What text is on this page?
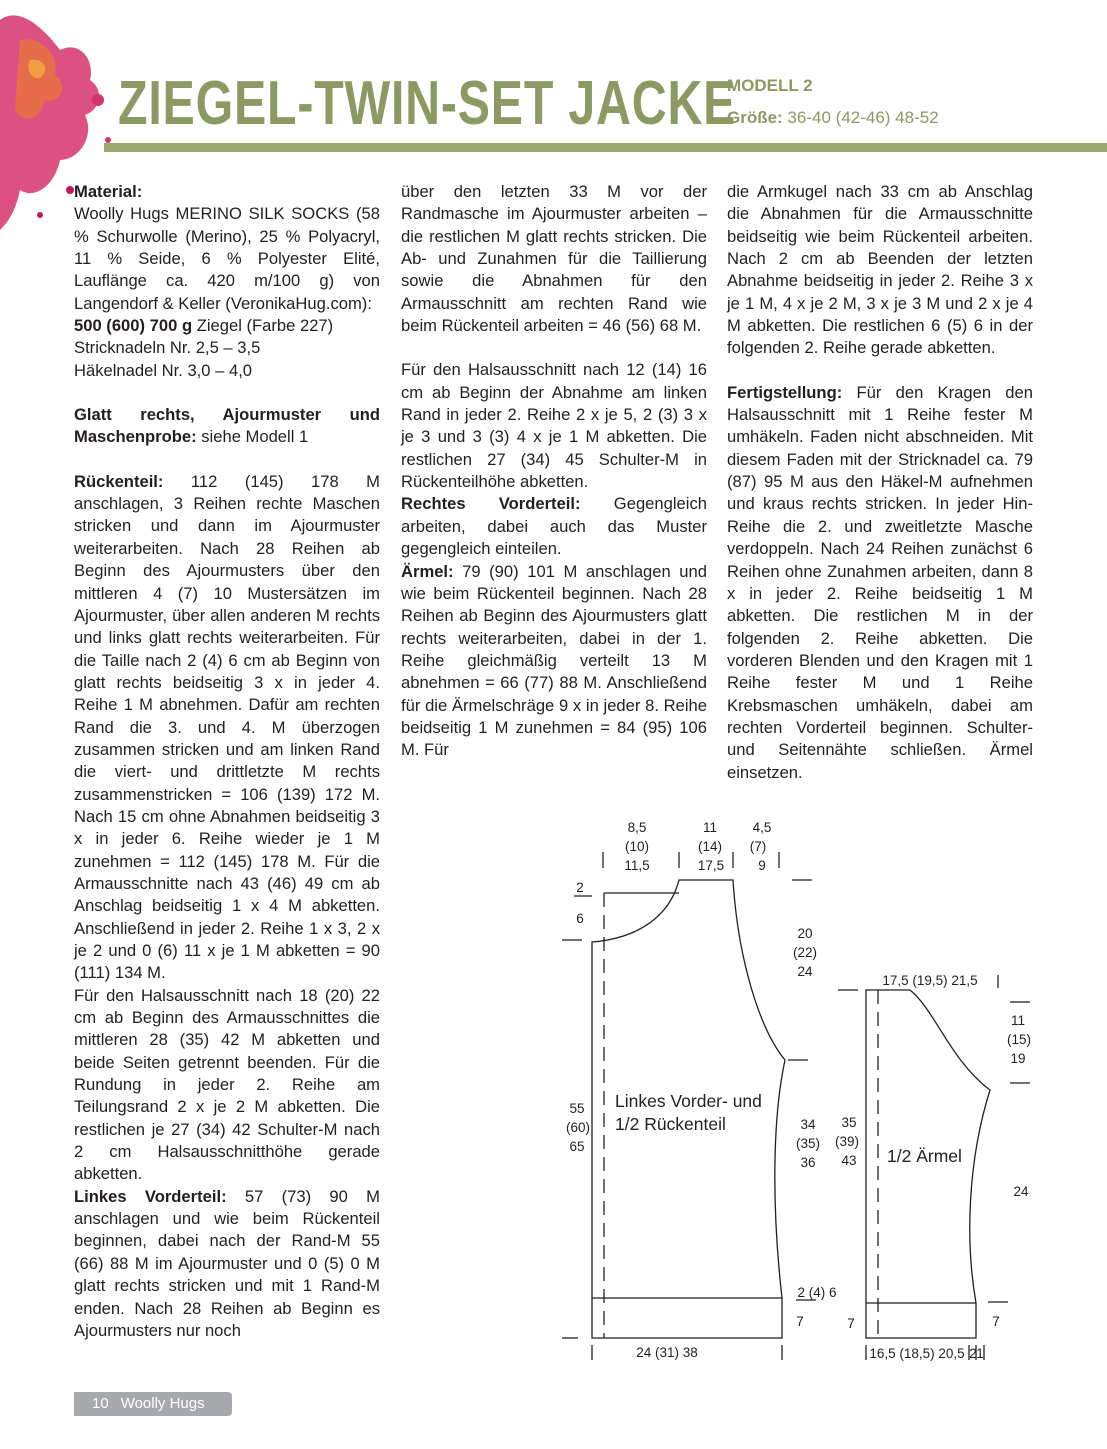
ZIEGEL-TWIN-SET JACKE
MODELL 2
Größe: 36-40 (42-46) 48-52

Material:

Woolly Hugs MERINO SILK SOCKS (58 % Schurwolle (Merino), 25 % Polyacryl, 11 % Seide, 6 % Polyester Elité, Lauflänge ca. 420 m/100 g) von Langendorf & Keller (VeronikaHug.com):

500 (600) 700 g Ziegel (Farbe 227)

Stricknadeln Nr. 2,5 – 3,5

Häkelnadel Nr. 3,0 – 4,0

Glatt rechts, Ajourmuster und Maschenprobe: siehe Modell 1

Rückenteil: 112 (145) 178 M anschlagen, 3 Reihen rechte Maschen stricken und dann im Ajourmuster weiterarbeiten. Nach 28 Reihen ab Beginn des Ajourmusters über den mittleren 4 (7) 10 Mustersätzen im Ajourmuster, über allen anderen M rechts und links glatt rechts weiterarbeiten. Für die Taille nach 2 (4) 6 cm ab Beginn von glatt rechts beidseitig 3 x in jeder 4. Reihe 1 M abnehmen. Dafür am rechten Rand die 3. und 4. M überzogen zusammen stricken und am linken Rand die viert- und drittletzte M rechts zusammenstricken = 106 (139) 172 M. Nach 15 cm ohne Abnahmen beidseitig 3 x in jeder 6. Reihe wieder je 1 M zunehmen = 112 (145) 178 M. Für die Armausschnitte nach 43 (46) 49 cm ab Anschlag beidseitig 1 x 4 M abketten. Anschließend in jeder 2. Reihe 1 x 3, 2 x je 2 und 0 (6) 11 x je 1 M abketten = 90 (111) 134 M.

Für den Halsausschnitt nach 18 (20) 22 cm ab Beginn des Armausschnittes die mittleren 28 (35) 42 M abketten und beide Seiten getrennt beenden. Für die Rundung in jeder 2. Reihe am Teilungsrand 2 x je 2 M abketten. Die restlichen je 27 (34) 42 Schulter-M nach 2 cm Halsausschnitthöhe gerade abketten.

Linkes Vorderteil: 57 (73) 90 M anschlagen und wie beim Rückenteil beginnen, dabei nach der Rand-M 55 (66) 88 M im Ajourmuster und 0 (5) 0 M glatt rechts stricken und mit 1 Rand-M enden. Nach 28 Reihen ab Beginn es Ajourmusters nur noch

über den letzten 33 M vor der Randmasche im Ajourmuster arbeiten – die restlichen M glatt rechts stricken. Die Ab- und Zunahmen für die Taillierung sowie die Abnahmen für den Armausschnitt am rechten Rand wie beim Rückenteil arbeiten = 46 (56) 68 M.

Für den Halsausschnitt nach 12 (14) 16 cm ab Beginn der Abnahme am linken Rand in jeder 2. Reihe 2 x je 5, 2 (3) 3 x je 3 und 3 (3) 4 x je 1 M abketten. Die restlichen 27 (34) 45 Schulter-M in Rückenteilhöhe abketten.

Rechtes Vorderteil: Gegengleich arbeiten, dabei auch das Muster gegengleich einteilen.

Ärmel: 79 (90) 101 M anschlagen und wie beim Rückenteil beginnen. Nach 28 Reihen ab Beginn des Ajourmusters glatt rechts weiterarbeiten, dabei in der 1. Reihe gleichmäßig verteilt 13 M abnehmen = 66 (77) 88 M. Anschließend für die Ärmelschräge 9 x in jeder 8. Reihe beidseitig 1 M zunehmen = 84 (95) 106 M. Für

die Armkugel nach 33 cm ab Anschlag die Abnahmen für die Armausschnitte beidseitig wie beim Rückenteil arbeiten. Nach 2 cm ab Beenden der letzten Abnahme beidseitig in jeder 2. Reihe 3 x je 1 M, 4 x je 2 M, 3 x je 3 M und 2 x je 4 M abketten. Die restlichen 6 (5) 6 in der folgenden 2. Reihe gerade abketten.

Fertigstellung: Für den Kragen den Halsausschnitt mit 1 Reihe fester M umhäkeln. Faden nicht abschneiden. Mit diesem Faden mit der Stricknadel ca. 79 (87) 95 M aus den Häkel-M aufnehmen und kraus rechts stricken. In jeder Hin-Reihe die 2. und zweitletzte Masche verdoppeln. Nach 24 Reihen zunächst 6 Reihen ohne Zunahmen arbeiten, dann 8 x in jeder 2. Reihe beidseitig 1 M abketten. Die restlichen M in der folgenden 2. Reihe abketten. Die vorderen Blenden und den Kragen mit 1 Reihe fester M und 1 Reihe Krebsmaschen umhäkeln, dabei am rechten Vorderteil beginnen. Schulter- und Seitennähte schließen. Ärmel einsetzen.

8,5
(10)
11,5
11
(14)
17,5
4,5
(7)
9
2
6
20
(22)
24
55
(60)
65
34
(35)
36
35
(39)
43
2 (4) 6
7	7	7
24 (31) 38
17,5 (19,5) 21,5
11
(15)
19
24
16,5 (18,5) 20,5 2 1
Linkes Vorder- und
1/2 Rückenteil
1/2 Ärmel
10 Woolly Hugs
